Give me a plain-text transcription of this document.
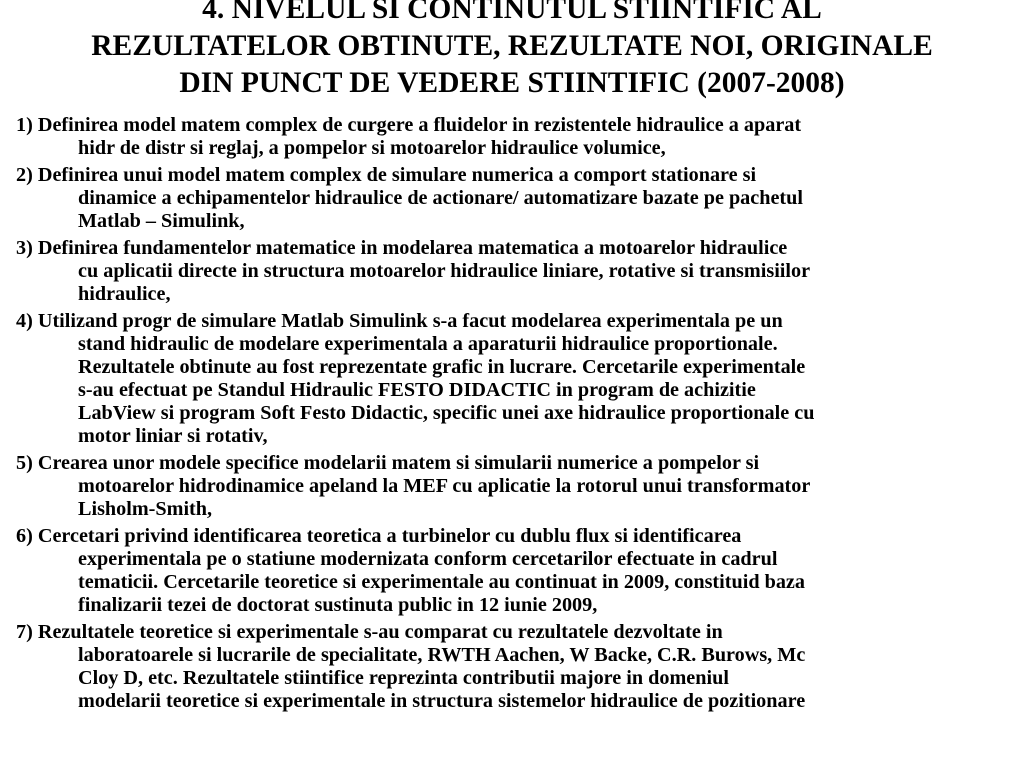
4. NIVELUL SI CONTINUTUL STIINTIFIC AL
REZULTATELOR OBTINUTE, REZULTATE NOI, ORIGINALE
DIN PUNCT DE VEDERE STIINTIFIC (2007-2008)
1) Definirea model matem complex de curgere a fluidelor in rezistentele hidraulice a aparat
hidr de distr si reglaj, a pompelor si motoarelor hidraulice volumice,
2) Definirea unui model matem complex de simulare numerica a comport stationare si
dinamice a echipamentelor hidraulice de actionare/ automatizare bazate pe pachetul
Matlab – Simulink,
3) Definirea fundamentelor matematice in modelarea matematica a motoarelor hidraulice
cu aplicatii directe in structura motoarelor hidraulice liniare, rotative si transmisiilor
hidraulice,
4) Utilizand progr de simulare Matlab Simulink s-a facut modelarea experimentala pe un
stand hidraulic de modelare experimentala a aparaturii hidraulice proportionale.
Rezultatele obtinute au fost reprezentate grafic in lucrare. Cercetarile experimentale
s-au efectuat pe Standul Hidraulic FESTO DIDACTIC in program de achizitie
LabView si program Soft Festo Didactic, specific unei axe hidraulice proportionale cu
motor liniar si rotativ,
5) Crearea unor modele specifice modelarii matem si simularii numerice a pompelor si
motoarelor hidrodinamice apeland la MEF cu aplicatie la rotorul unui transformator
Lisholm-Smith,
6) Cercetari privind identificarea teoretica a turbinelor cu dublu flux si identificarea
experimentala pe o statiune modernizata conform cercetarilor efectuate in cadrul
tematicii. Cercetarile teoretice si experimentale au continuat in 2009, constituid baza
finalizarii tezei de doctorat sustinuta public in 12 iunie 2009,
7) Rezultatele teoretice si experimentale s-au comparat cu rezultatele dezvoltate in
laboratoarele si lucrarile de specialitate, RWTH Aachen, W Backe, C.R. Burows, Mc
Cloy D, etc. Rezultatele stiintifice reprezinta contributii majore in domeniul
modelarii teoretice si experimentale in structura sistemelor hidraulice de pozitionare
